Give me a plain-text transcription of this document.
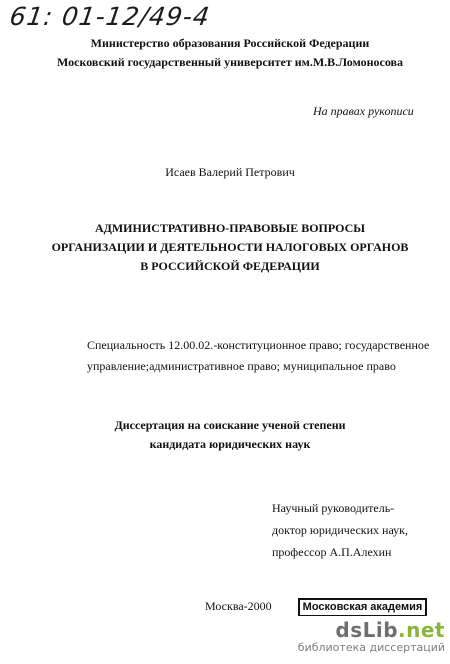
61: 01-12/49-4
Министерство образования Российской Федерации
Московский государственный университет им.М.В.Ломоносова
На правах рукописи
Исаев Валерий Петрович
АДМИНИСТРАТИВНО-ПРАВОВЫЕ ВОПРОСЫ
ОРГАНИЗАЦИИ И ДЕЯТЕЛЬНОСТИ НАЛОГОВЫХ ОРГАНОВ
В РОССИЙСКОЙ ФЕДЕРАЦИИ
Специальность 12.00.02.-конституционное право; государственное
управление;административное право; муниципальное право
Диссертация на соискание ученой степени
кандидата юридических наук
Научный руководитель-
доктор юридических наук,
профессор А.П.Алехин
Москва-2000	Московская академия
dsLib.net
библиотека диссертаций
